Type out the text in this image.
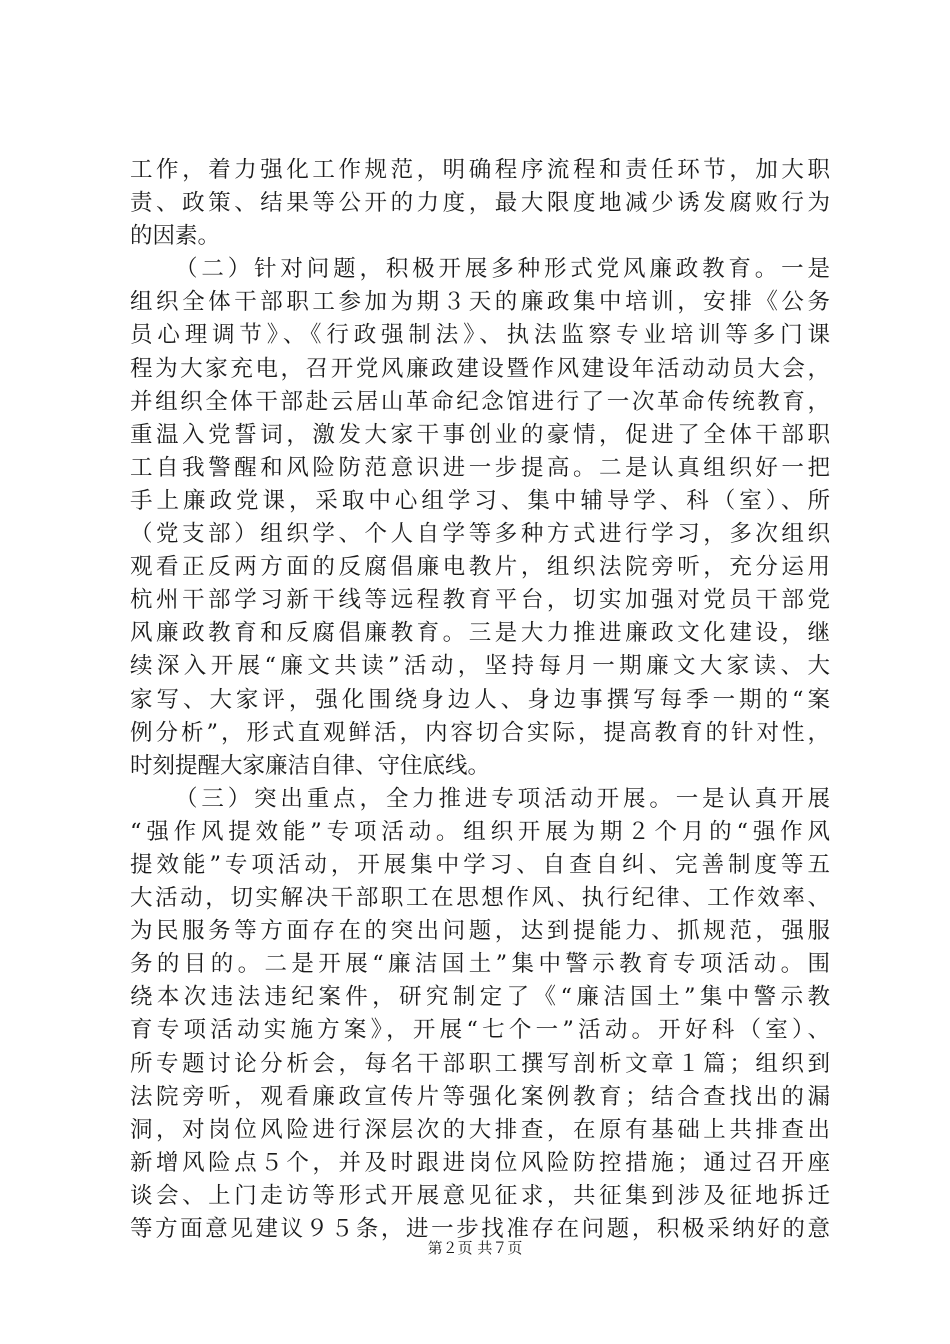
工作，着力强化工作规范，明确程序流程和责任环节，加大职
责、政策、结果等公开的力度，最大限度地减少诱发腐败行为
的因素。
（二）针对问题，积极开展多种形式党风廉政教育。一是
组织全体干部职工参加为期３天的廉政集中培训，安排《公务
员心理调节》、《行政强制法》、执法监察专业培训等多门课
程为大家充电，召开党风廉政建设暨作风建设年活动动员大会，
并组织全体干部赴云居山革命纪念馆进行了一次革命传统教育，
重温入党誓词，激发大家干事创业的豪情，促进了全体干部职
工自我警醒和风险防范意识进一步提高。二是认真组织好一把
手上廉政党课，采取中心组学习、集中辅导学、科（室）、所
（党支部）组织学、个人自学等多种方式进行学习，多次组织
观看正反两方面的反腐倡廉电教片，组织法院旁听，充分运用
杭州干部学习新干线等远程教育平台，切实加强对党员干部党
风廉政教育和反腐倡廉教育。三是大力推进廉政文化建设，继
续深入开展“廉文共读”活动，坚持每月一期廉文大家读、大
家写、大家评，强化围绕身边人、身边事撰写每季一期的“案
例分析”，形式直观鲜活，内容切合实际，提高教育的针对性，
时刻提醒大家廉洁自律、守住底线。
（三）突出重点，全力推进专项活动开展。一是认真开展
“强作风提效能”专项活动。组织开展为期２个月的“强作风
提效能”专项活动，开展集中学习、自查自纠、完善制度等五
大活动，切实解决干部职工在思想作风、执行纪律、工作效率、
为民服务等方面存在的突出问题，达到提能力、抓规范，强服
务的目的。二是开展“廉洁国土”集中警示教育专项活动。围
绕本次违法违纪案件，研究制定了《“廉洁国土”集中警示教
育专项活动实施方案》，开展“七个一”活动。开好科（室）、
所专题讨论分析会，每名干部职工撰写剖析文章１篇；组织到
法院旁听，观看廉政宣传片等强化案例教育；结合查找出的漏
洞，对岗位风险进行深层次的大排查，在原有基础上共排查出
新增风险点５个，并及时跟进岗位风险防控措施；通过召开座
谈会、上门走访等形式开展意见征求，共征集到涉及征地拆迁
等方面意见建议９５条，进一步找准存在问题，积极采纳好的意
第２页 共７页
